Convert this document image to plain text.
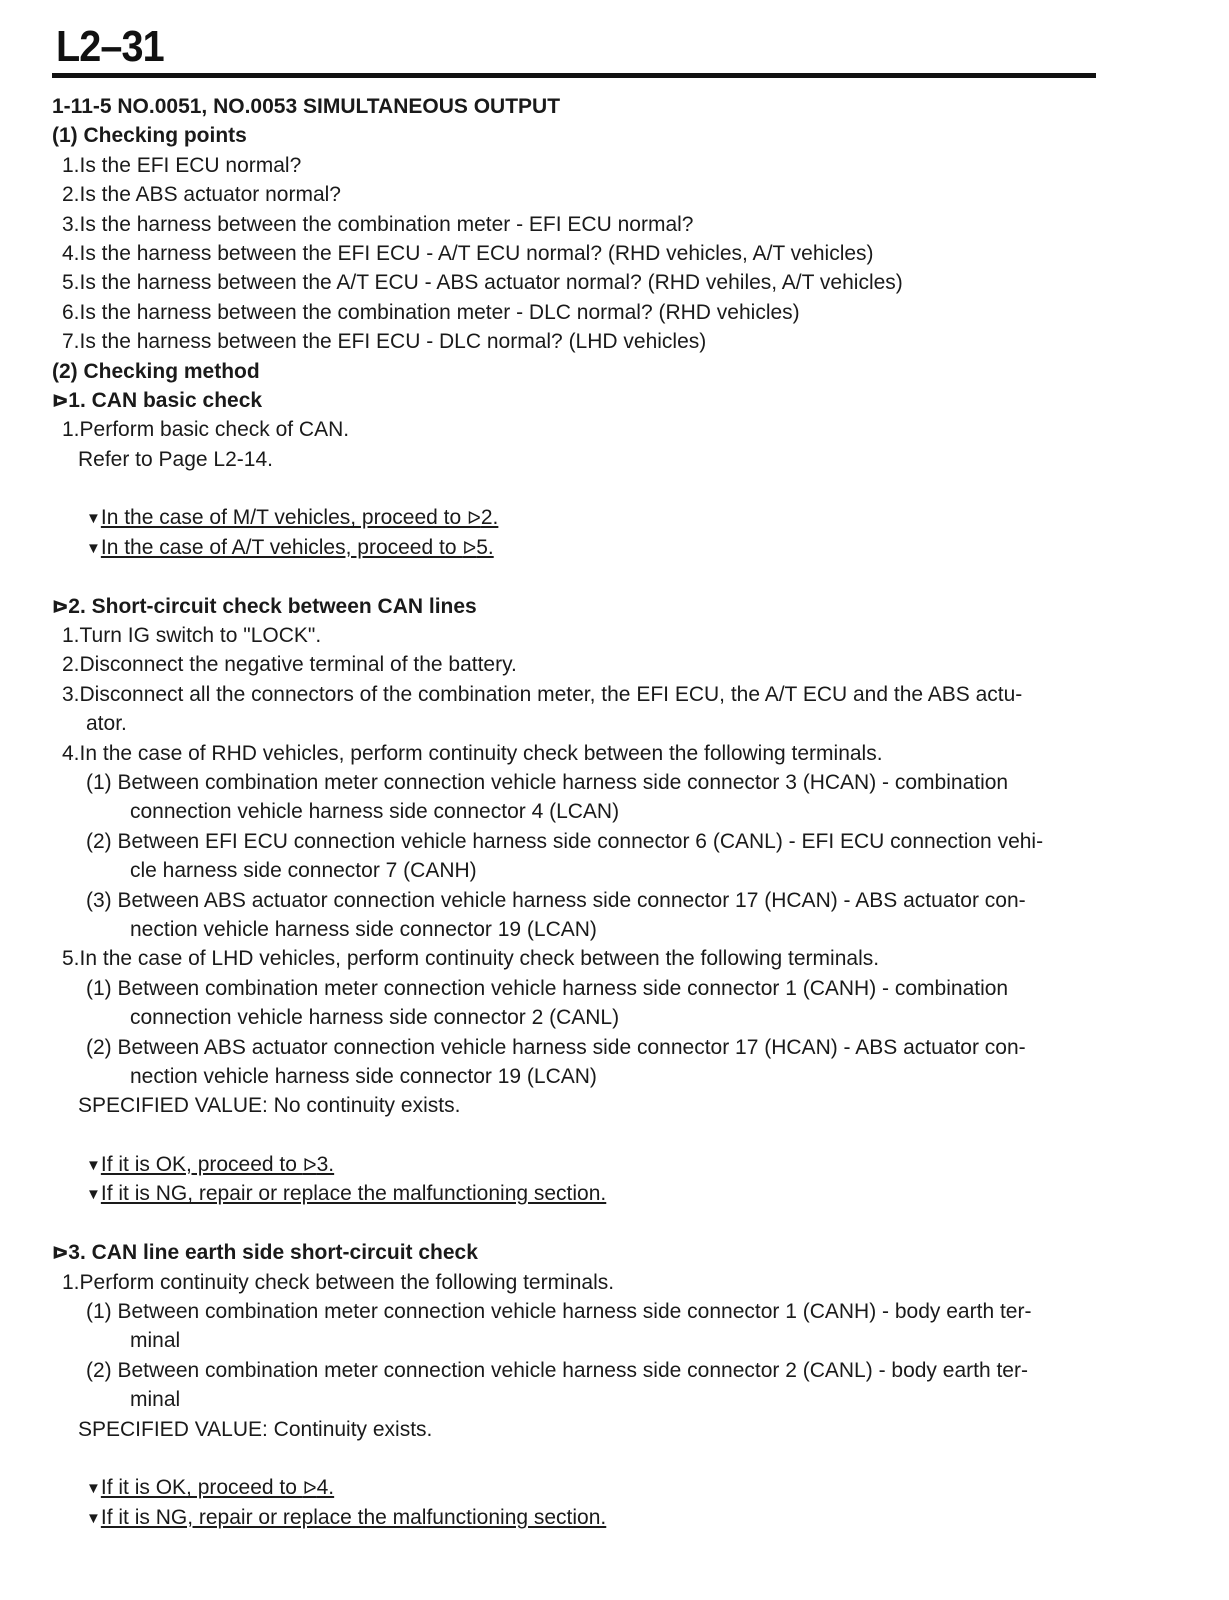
L2–31
1-11-5 NO.0051, NO.0053 SIMULTANEOUS OUTPUT
(1) Checking points
1.Is the EFI ECU normal?
2.Is the ABS actuator normal?
3.Is the harness between the combination meter - EFI ECU normal?
4.Is the harness between the EFI ECU - A/T ECU normal? (RHD vehicles, A/T vehicles)
5.Is the harness between the A/T ECU - ABS actuator normal? (RHD vehiles, A/T vehicles)
6.Is the harness between the combination meter - DLC normal? (RHD vehicles)
7.Is the harness between the EFI ECU - DLC normal? (LHD vehicles)
(2) Checking method
ᐅ1. CAN basic check
1.Perform basic check of CAN.
Refer to Page L2-14.
▼In the case of M/T vehicles, proceed to ᐅ2.
▼In the case of A/T vehicles, proceed to ᐅ5.
ᐅ2. Short-circuit check between CAN lines
1.Turn IG switch to "LOCK".
2.Disconnect the negative terminal of the battery.
3.Disconnect all the connectors of the combination meter, the EFI ECU, the A/T ECU and the ABS actu-
ator.
4.In the case of RHD vehicles, perform continuity check between the following terminals.
(1) Between combination meter connection vehicle harness side connector 3 (HCAN) - combination
connection vehicle harness side connector 4 (LCAN)
(2) Between EFI ECU connection vehicle harness side connector 6 (CANL) - EFI ECU connection vehi-
cle harness side connector 7 (CANH)
(3) Between ABS actuator connection vehicle harness side connector 17 (HCAN) - ABS actuator con-
nection vehicle harness side connector 19 (LCAN)
5.In the case of LHD vehicles, perform continuity check between the following terminals.
(1) Between combination meter connection vehicle harness side connector 1 (CANH) - combination
connection vehicle harness side connector 2 (CANL)
(2) Between ABS actuator connection vehicle harness side connector 17 (HCAN) - ABS actuator con-
nection vehicle harness side connector 19 (LCAN)
SPECIFIED VALUE: No continuity exists.
▼If it is OK, proceed to ᐅ3.
▼If it is NG, repair or replace the malfunctioning section.
ᐅ3. CAN line earth side short-circuit check
1.Perform continuity check between the following terminals.
(1) Between combination meter connection vehicle harness side connector 1 (CANH) - body earth ter-
minal
(2) Between combination meter connection vehicle harness side connector 2 (CANL) - body earth ter-
minal
SPECIFIED VALUE: Continuity exists.
▼If it is OK, proceed to ᐅ4.
▼If it is NG, repair or replace the malfunctioning section.
